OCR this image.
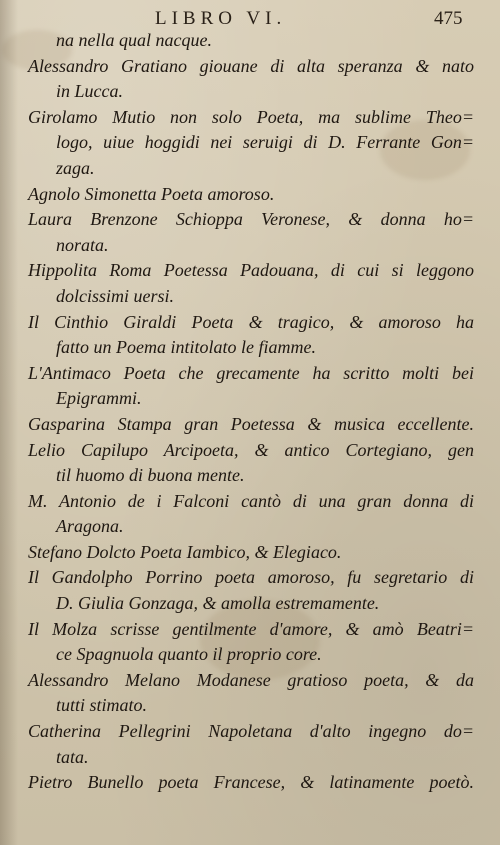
LIBRO VI.	475
na nella qual nacque.
Alessandro Gratiano giouane di alta speranza & nato
in Lucca.
Girolamo Mutio non solo Poeta, ma sublime Theo=
logo, uiue hoggidi nei seruigi di D. Ferrante Gon=
zaga.
Agnolo Simonetta Poeta amoroso.
Laura Brenzone Schioppa Veronese, & donna ho=
norata.
Hippolita Roma Poetessa Padouana, di cui si leggono
dolcissimi uersi.
Il Cinthio Giraldi Poeta & tragico, & amoroso ha
fatto un Poema intitolato le fiamme.
L'Antimaco Poeta che grecamente ha scritto molti bei
Epigrammi.
Gasparina Stampa gran Poetessa & musica eccellente.
Lelio Capilupo Arcipoeta, & antico Cortegiano, gen
til huomo di buona mente.
M. Antonio de i Falconi cantò di una gran donna di
Aragona.
Stefano Dolcto Poeta Iambico, & Elegiaco.
Il Gandolpho Porrino poeta amoroso, fu segretario di
D. Giulia Gonzaga, & amolla estremamente.
Il Molza scrisse gentilmente d'amore, & amò Beatri=
ce Spagnuola quanto il proprio core.
Alessandro Melano Modanese gratioso poeta, & da
tutti stimato.
Catherina Pellegrini Napoletana d'alto ingegno do=
tata.
Pietro Bunello poeta Francese, & latinamente poetò.
